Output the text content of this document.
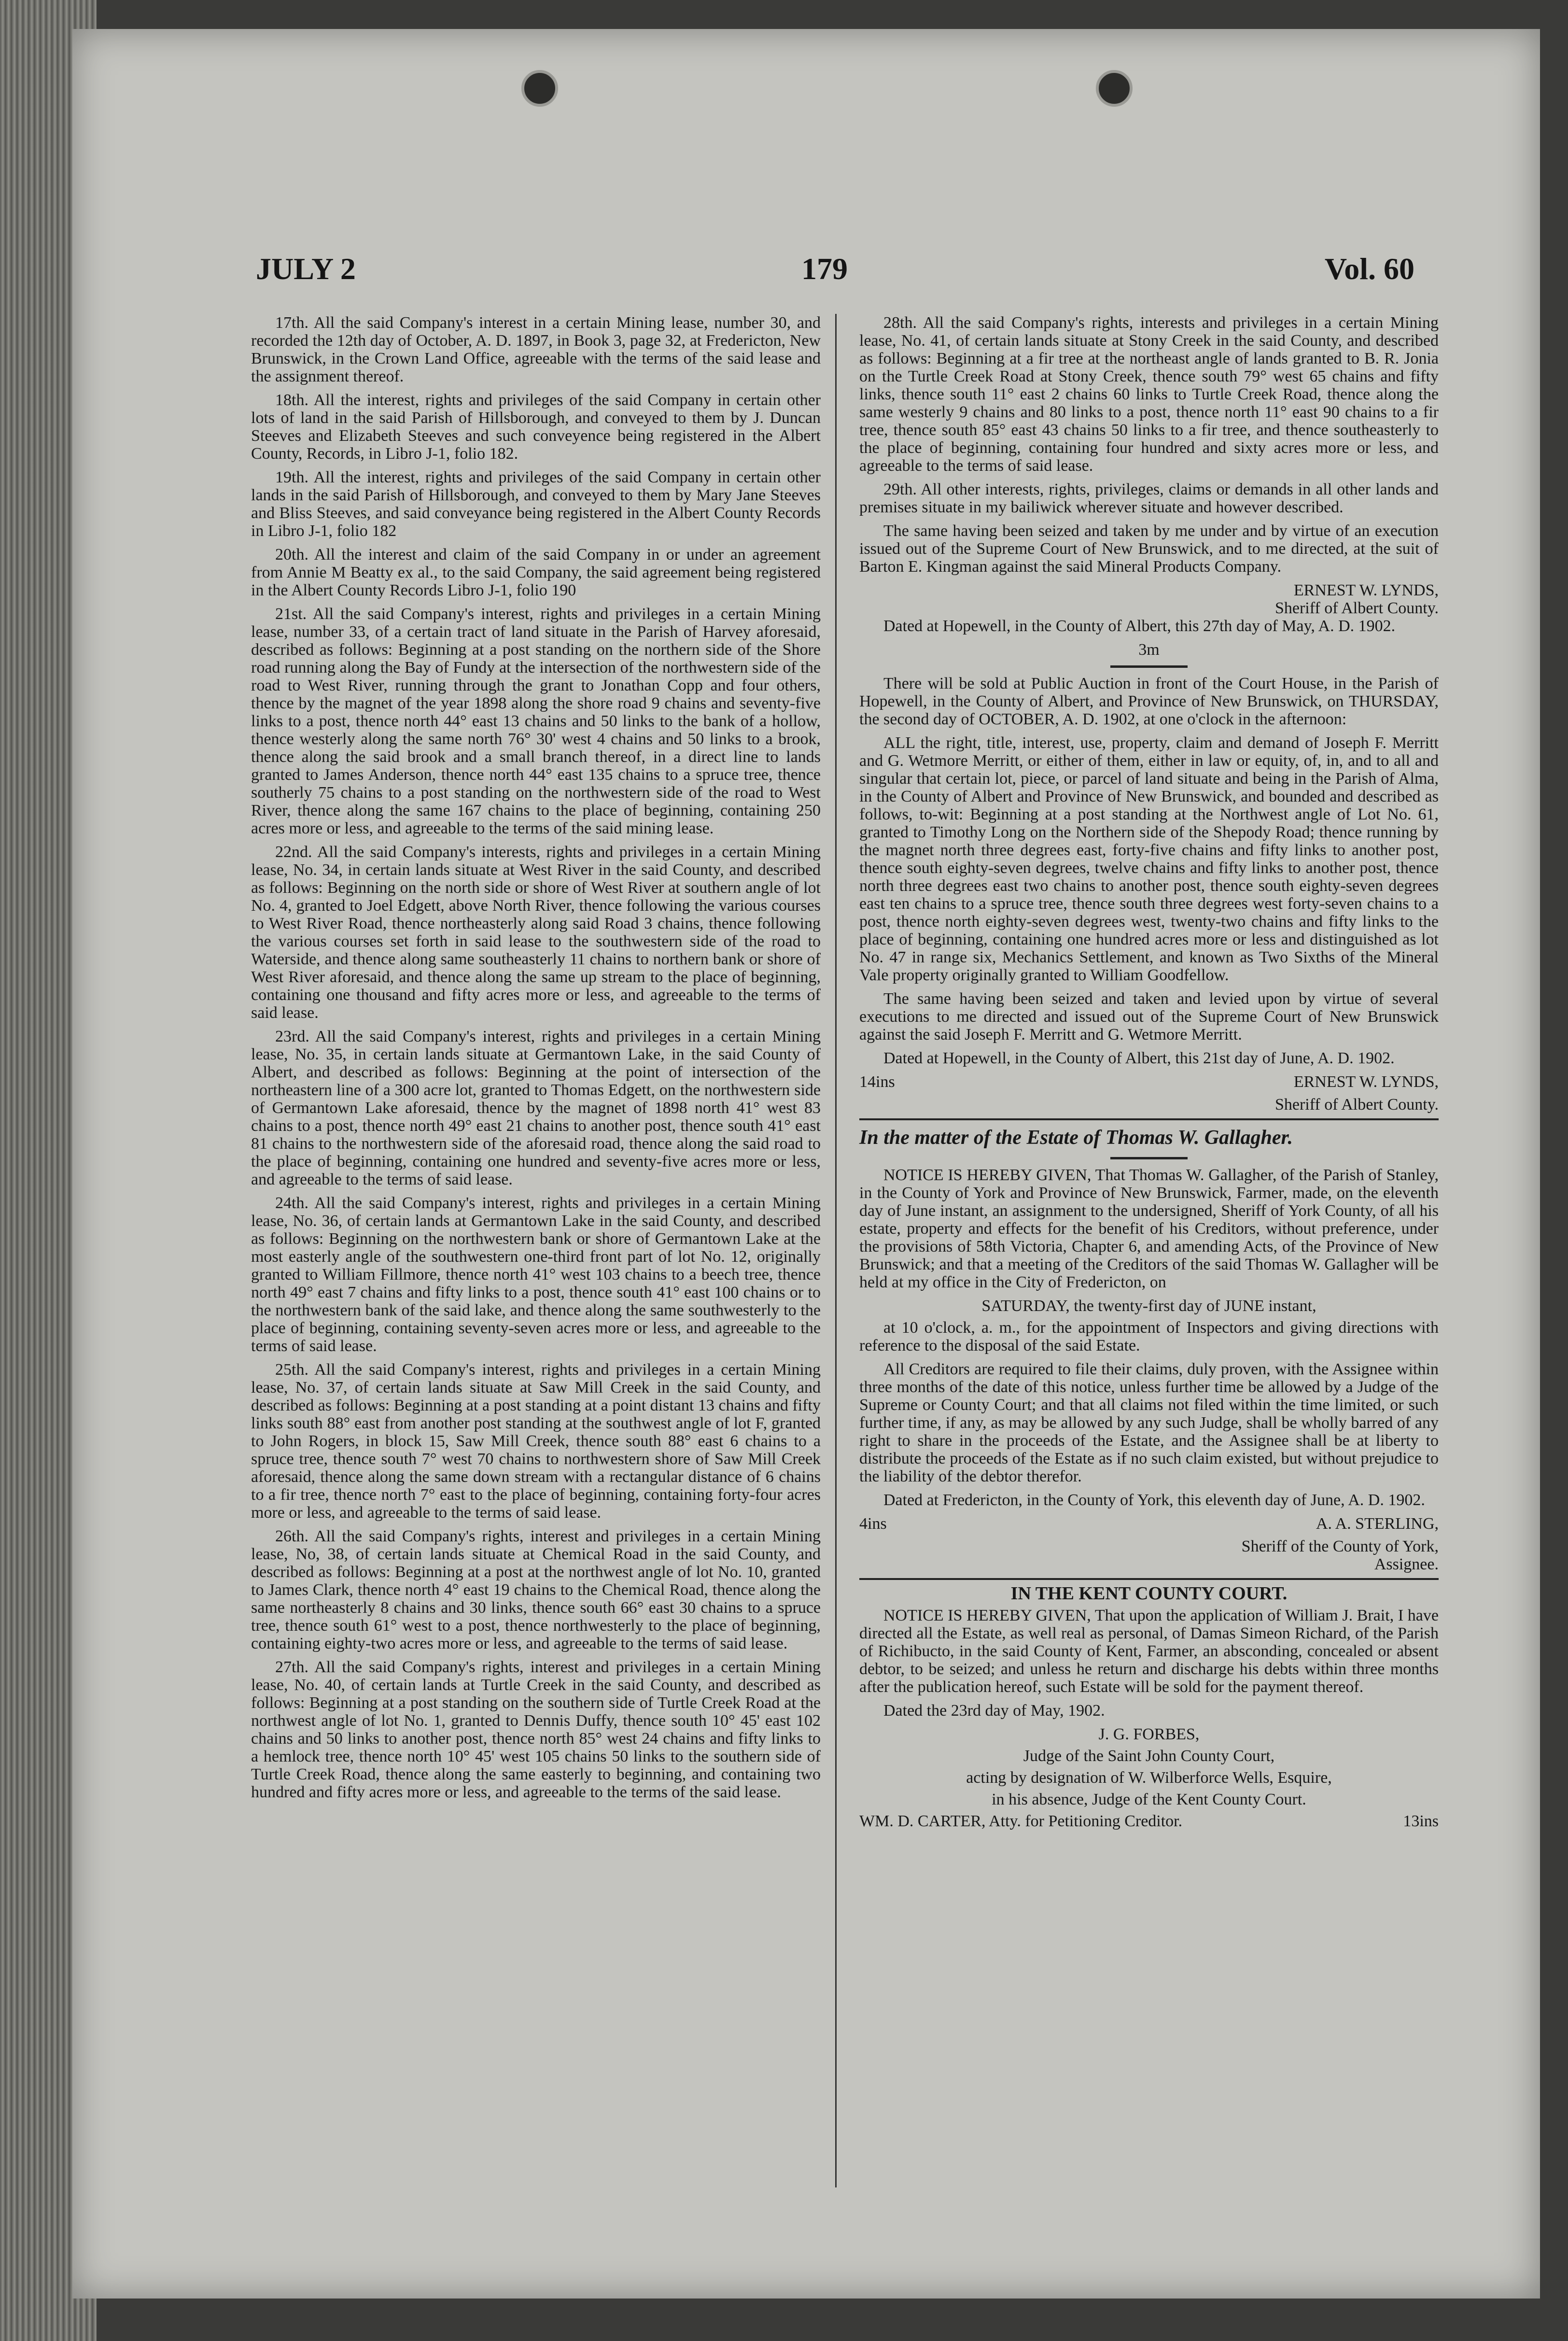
JULY 2	179	Vol. 60

17th. All the said Company's interest in a certain Mining lease, number 30, and recorded the 12th day of October, A. D. 1897, in Book 3, page 32, at Fredericton, New Brunswick, in the Crown Land Office, agreeable with the terms of the said lease and the assignment thereof.

18th. All the interest, rights and privileges of the said Company in certain other lots of land in the said Parish of Hillsborough, and conveyed to them by J. Duncan Steeves and Elizabeth Steeves and such conveyence being registered in the Albert County, Records, in Libro J-1, folio 182.

19th. All the interest, rights and privileges of the said Company in certain other lands in the said Parish of Hillsborough, and conveyed to them by Mary Jane Steeves and Bliss Steeves, and said conveyance being registered in the Albert County Records in Libro J-1, folio 182

20th. All the interest and claim of the said Company in or under an agreement from Annie M Beatty ex al., to the said Company, the said agreement being registered in the Albert County Records Libro J-1, folio 190

21st. All the said Company's interest, rights and privileges in a certain Mining lease, number 33, of a certain tract of land situate in the Parish of Harvey aforesaid, described as follows: Beginning at a post standing on the northern side of the Shore road running along the Bay of Fundy at the intersection of the northwestern side of the road to West River, running through the grant to Jonathan Copp and four others, thence by the magnet of the year 1898 along the shore road 9 chains and seventy-five links to a post, thence north 44° east 13 chains and 50 links to the bank of a hollow, thence westerly along the same north 76° 30' west 4 chains and 50 links to a brook, thence along the said brook and a small branch thereof, in a direct line to lands granted to James Anderson, thence north 44° east 135 chains to a spruce tree, thence southerly 75 chains to a post standing on the northwestern side of the road to West River, thence along the same 167 chains to the place of beginning, containing 250 acres more or less, and agreeable to the terms of the said mining lease.

22nd. All the said Company's interests, rights and privileges in a certain Mining lease, No. 34, in certain lands situate at West River in the said County, and described as follows: Beginning on the north side or shore of West River at southern angle of lot No. 4, granted to Joel Edgett, above North River, thence following the various courses to West River Road, thence northeasterly along said Road 3 chains, thence following the various courses set forth in said lease to the southwestern side of the road to Waterside, and thence along same southeasterly 11 chains to northern bank or shore of West River aforesaid, and thence along the same up stream to the place of beginning, containing one thousand and fifty acres more or less, and agreeable to the terms of said lease.

23rd. All the said Company's interest, rights and privileges in a certain Mining lease, No. 35, in certain lands situate at Germantown Lake, in the said County of Albert, and described as follows: Beginning at the point of intersection of the northeastern line of a 300 acre lot, granted to Thomas Edgett, on the northwestern side of Germantown Lake aforesaid, thence by the magnet of 1898 north 41° west 83 chains to a post, thence north 49° east 21 chains to another post, thence south 41° east 81 chains to the northwestern side of the aforesaid road, thence along the said road to the place of beginning, containing one hundred and seventy-five acres more or less, and agreeable to the terms of said lease.

24th. All the said Company's interest, rights and privileges in a certain Mining lease, No. 36, of certain lands at Germantown Lake in the said County, and described as follows: Beginning on the northwestern bank or shore of Germantown Lake at the most easterly angle of the southwestern one-third front part of lot No. 12, originally granted to William Fillmore, thence north 41° west 103 chains to a beech tree, thence north 49° east 7 chains and fifty links to a post, thence south 41° east 100 chains or to the northwestern bank of the said lake, and thence along the same southwesterly to the place of beginning, containing seventy-seven acres more or less, and agreeable to the terms of said lease.

25th. All the said Company's interest, rights and privileges in a certain Mining lease, No. 37, of certain lands situate at Saw Mill Creek in the said County, and described as follows: Beginning at a post standing at a point distant 13 chains and fifty links south 88° east from another post standing at the southwest angle of lot F, granted to John Rogers, in block 15, Saw Mill Creek, thence south 88° east 6 chains to a spruce tree, thence south 7° west 70 chains to northwestern shore of Saw Mill Creek aforesaid, thence along the same down stream with a rectangular distance of 6 chains to a fir tree, thence north 7° east to the place of beginning, containing forty-four acres more or less, and agreeable to the terms of said lease.

26th. All the said Company's rights, interest and privileges in a certain Mining lease, No, 38, of certain lands situate at Chemical Road in the said County, and described as follows: Beginning at a post at the northwest angle of lot No. 10, granted to James Clark, thence north 4° east 19 chains to the Chemical Road, thence along the same northeasterly 8 chains and 30 links, thence south 66° east 30 chains to a spruce tree, thence south 61° west to a post, thence northwesterly to the place of beginning, containing eighty-two acres more or less, and agreeable to the terms of said lease.

27th. All the said Company's rights, interest and privileges in a certain Mining lease, No. 40, of certain lands at Turtle Creek in the said County, and described as follows: Beginning at a post standing on the southern side of Turtle Creek Road at the northwest angle of lot No. 1, granted to Dennis Duffy, thence south 10° 45' east 102 chains and 50 links to another post, thence north 85° west 24 chains and fifty links to a hemlock tree, thence north 10° 45' west 105 chains 50 links to the southern side of Turtle Creek Road, thence along the same easterly to beginning, and containing two hundred and fifty acres more or less, and agreeable to the terms of the said lease.

28th. All the said Company's rights, interests and privileges in a certain Mining lease, No. 41, of certain lands situate at Stony Creek in the said County, and described as follows: Beginning at a fir tree at the northeast angle of lands granted to B. R. Jonia on the Turtle Creek Road at Stony Creek, thence south 79° west 65 chains and fifty links, thence south 11° east 2 chains 60 links to Turtle Creek Road, thence along the same westerly 9 chains and 80 links to a post, thence north 11° east 90 chains to a fir tree, thence south 85° east 43 chains 50 links to a fir tree, and thence southeasterly to the place of beginning, containing four hundred and sixty acres more or less, and agreeable to the terms of said lease.

29th. All other interests, rights, privileges, claims or demands in all other lands and premises situate in my bailiwick wherever situate and however described.

The same having been seized and taken by me under and by virtue of an execution issued out of the Supreme Court of New Brunswick, and to me directed, at the suit of Barton E. Kingman against the said Mineral Products Company.

ERNEST W. LYNDS,

Sheriff of Albert County.

Dated at Hopewell, in the County of Albert, this 27th day of May, A. D. 1902.

3m

There will be sold at Public Auction in front of the Court House, in the Parish of Hopewell, in the County of Albert, and Province of New Brunswick, on THURSDAY, the second day of OCTOBER, A. D. 1902, at one o'clock in the afternoon:

ALL the right, title, interest, use, property, claim and demand of Joseph F. Merritt and G. Wetmore Merritt, or either of them, either in law or equity, of, in, and to all and singular that certain lot, piece, or parcel of land situate and being in the Parish of Alma, in the County of Albert and Province of New Brunswick, and bounded and described as follows, to-wit: Beginning at a post standing at the Northwest angle of Lot No. 61, granted to Timothy Long on the Northern side of the Shepody Road; thence running by the magnet north three degrees east, forty-five chains and fifty links to another post, thence south eighty-seven degrees, twelve chains and fifty links to another post, thence north three degrees east two chains to another post, thence south eighty-seven degrees east ten chains to a spruce tree, thence south three degrees west forty-seven chains to a post, thence north eighty-seven degrees west, twenty-two chains and fifty links to the place of beginning, containing one hundred acres more or less and distinguished as lot No. 47 in range six, Mechanics Settlement, and known as Two Sixths of the Mineral Vale property originally granted to William Goodfellow.

The same having been seized and taken and levied upon by virtue of several executions to me directed and issued out of the Supreme Court of New Brunswick against the said Joseph F. Merritt and G. Wetmore Merritt.

Dated at Hopewell, in the County of Albert, this 21st day of June, A. D. 1902.

14ins	ERNEST W. LYNDS,

Sheriff of Albert County.

In the matter of the Estate of Thomas W. Gallagher.

NOTICE IS HEREBY GIVEN, That Thomas W. Gallagher, of the Parish of Stanley, in the County of York and Province of New Brunswick, Farmer, made, on the eleventh day of June instant, an assignment to the undersigned, Sheriff of York County, of all his estate, property and effects for the benefit of his Creditors, without preference, under the provisions of 58th Victoria, Chapter 6, and amending Acts, of the Province of New Brunswick; and that a meeting of the Creditors of the said Thomas W. Gallagher will be held at my office in the City of Fredericton, on

SATURDAY, the twenty-first day of JUNE instant,

at 10 o'clock, a. m., for the appointment of Inspectors and giving directions with reference to the disposal of the said Estate.

All Creditors are required to file their claims, duly proven, with the Assignee within three months of the date of this notice, unless further time be allowed by a Judge of the Supreme or County Court; and that all claims not filed within the time limited, or such further time, if any, as may be allowed by any such Judge, shall be wholly barred of any right to share in the proceeds of the Estate, and the Assignee shall be at liberty to distribute the proceeds of the Estate as if no such claim existed, but without prejudice to the liability of the debtor therefor.

Dated at Fredericton, in the County of York, this eleventh day of June, A. D. 1902.

4ins	A. A. STERLING,

Sheriff of the County of York,

Assignee.

IN THE KENT COUNTY COURT.

NOTICE IS HEREBY GIVEN, That upon the application of William J. Brait, I have directed all the Estate, as well real as personal, of Damas Simeon Richard, of the Parish of Richibucto, in the said County of Kent, Farmer, an absconding, concealed or absent debtor, to be seized; and unless he return and discharge his debts within three months after the publication hereof, such Estate will be sold for the payment thereof.

Dated the 23rd day of May, 1902.

J. G. FORBES,

Judge of the Saint John County Court,

acting by designation of W. Wilberforce Wells, Esquire,

in his absence, Judge of the Kent County Court.

WM. D. CARTER, Atty. for Petitioning Creditor.	13ins
